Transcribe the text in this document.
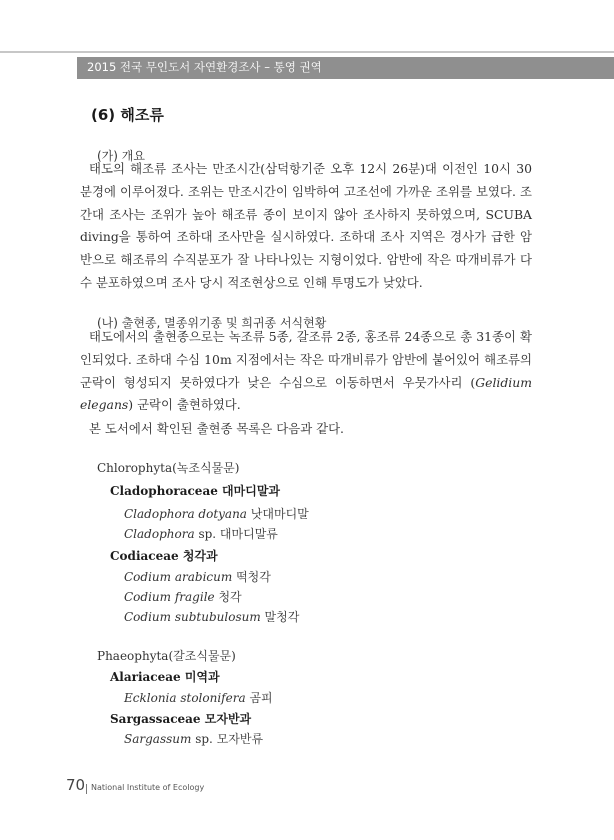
2015 전국 무인도서 자연환경조사 – 통영 권역
(6) 해조류
(가) 개요

태도의 해조류 조사는 만조시간(삼덕항기준 오후 12시 26분)대 이전인 10시 30분경에 이루어졌다. 조위는 만조시간이 임박하여 고조선에 가까운 조위를 보였다. 조간대 조사는 조위가 높아 해조류 종이 보이지 않아 조사하지 못하였으며, SCUBA diving을 통하여 조하대 조사만을 실시하였다. 조하대 조사 지역은 경사가 급한 암반으로 해조류의 수직분포가 잘 나타나있는 지형이었다. 암반에 작은 따개비류가 다수 분포하였으며 조사 당시 적조현상으로 인해 투명도가 낮았다.

(나) 출현종, 멸종위기종 및 희귀종 서식현황

태도에서의 출현종으로는 녹조류 5종, 갈조류 2종, 홍조류 24종으로 총 31종이 확인되었다. 조하대 수심 10m 지점에서는 작은 따개비류가 암반에 붙어있어 해조류의 군락이 형성되지 못하였다가 낮은 수심으로 이동하면서 우뭇가사리 (Gelidium elegans) 군락이 출현하였다.

본 도서에서 확인된 출현종 목록은 다음과 같다.

Chlorophyta(녹조식물문)
Cladophoraceae 대마디말과
Cladophora dotyana 낫대마디말
Cladophora sp. 대마디말류
Codiaceae 청각과
Codium arabicum 떡청각
Codium fragile 청각
Codium subtubulosum 말청각
Phaeophyta(갈조식물문)
Alariaceae 미역과
Ecklonia stolonifera 곰피
Sargassaceae 모자반과
Sargassum sp. 모자반류
70 National Institute of Ecology
